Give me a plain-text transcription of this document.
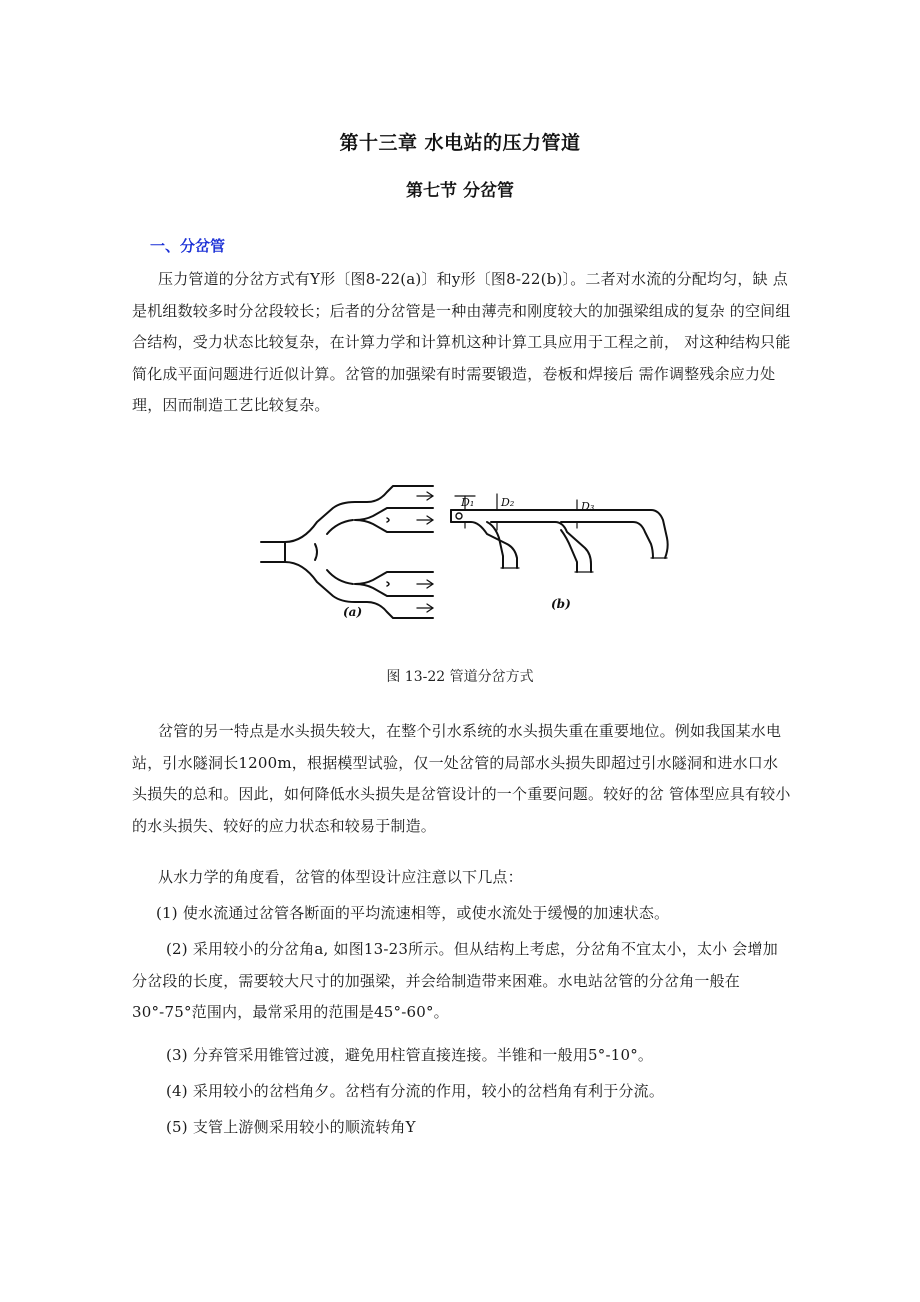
第十三章 水电站的压力管道
第七节 分岔管
一、分岔管

压力管道的分岔方式有Y形〔图8-22(a)〕和y形〔图8-22(b)〕。二者对水流的分配均匀，缺 点是机组数较多时分岔段较长；后者的分岔管是一种由薄壳和刚度较大的加强梁组成的复杂 的空间组合结构，受力状态比较复杂，在计算力学和计算机这种计算工具应用于工程之前， 对这种结构只能简化成平面问题进行近似计算。岔管的加强梁有时需要锻造，卷板和焊接后 需作调整残余应力处理，因而制造工艺比较复杂。

D₁ D₂	D₃
(a)
(b)
图 13-22 管道分岔方式

岔管的另一特点是水头损失较大，在整个引水系统的水头损失重在重要地位。例如我国某水电站，引水隧洞长1200m，根据模型试验，仅一处岔管的局部水头损失即超过引水隧洞和进水口水头损失的总和。因此，如何降低水头损失是岔管设计的一个重要问题。较好的岔 管体型应具有较小的水头损失、较好的应力状态和较易于制造。

从水力学的角度看，岔管的体型设计应注意以下几点：

(1) 使水流通过岔管各断面的平均流速相等，或使水流处于缓慢的加速状态。

(2) 采用较小的分岔角a, 如图13-23所示。但从结构上考虑，分岔角不宜太小，太小 会增加分岔段的长度，需要较大尺寸的加强梁，并会给制造带来困难。水电站岔管的分岔角一般在 30°-75°范围内，最常采用的范围是45°-60°。

(3) 分弃管采用锥管过渡，避免用柱管直接连接。半锥和一般用5°-10°。

(4) 采用较小的岔档角夕。岔档有分流的作用，较小的岔档角有利于分流。

(5) 支管上游侧采用较小的顺流转角Y
